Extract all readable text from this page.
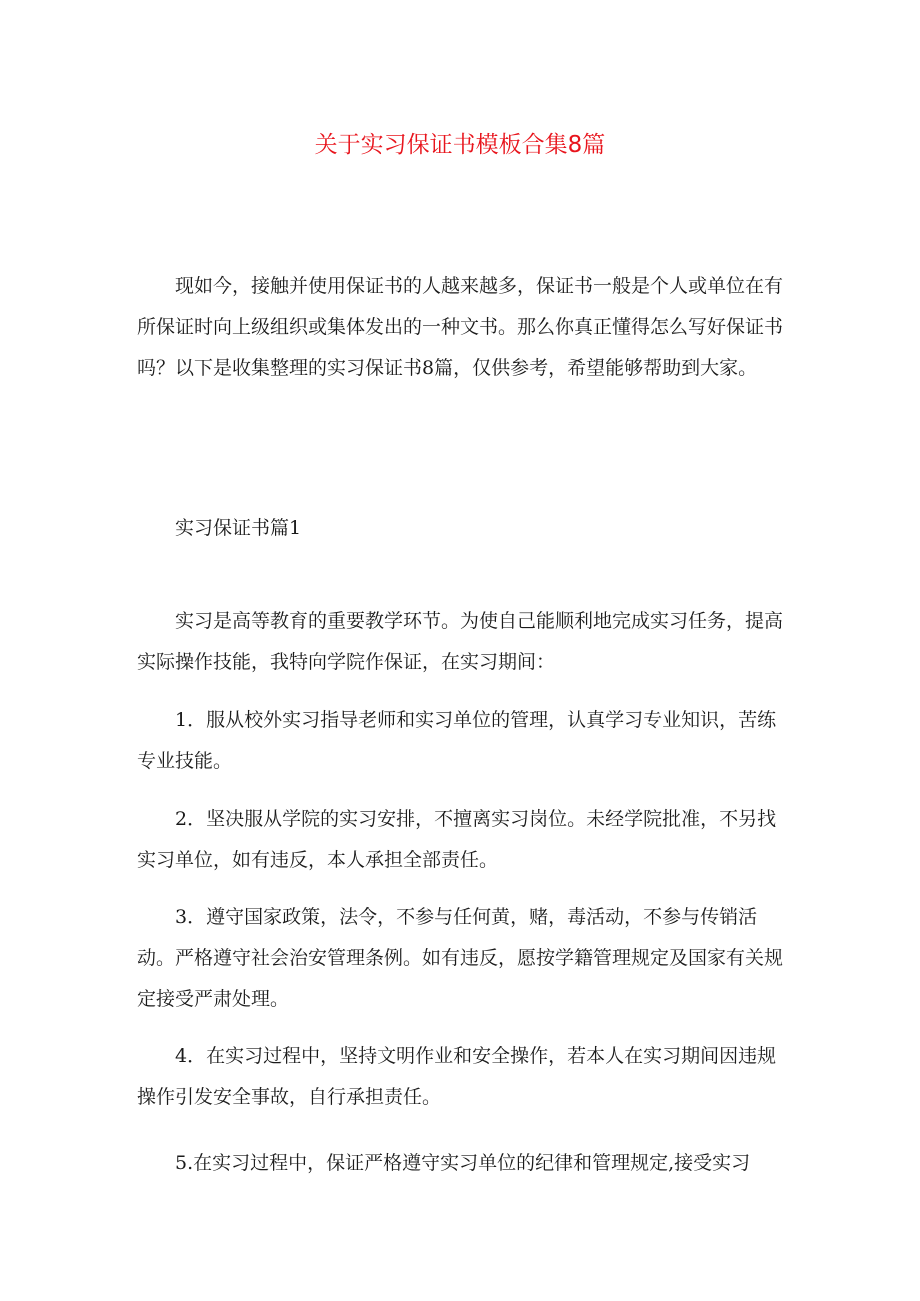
关于实习保证书模板合集8篇

现如今，接触并使用保证书的人越来越多，保证书一般是个人或单位在有所保证时向上级组织或集体发出的一种文书。那么你真正懂得怎么写好保证书吗？以下是收集整理的实习保证书8篇，仅供参考，希望能够帮助到大家。

实习保证书篇1

实习是高等教育的重要教学环节。为使自己能顺利地完成实习任务，提高实际操作技能，我特向学院作保证，在实习期间：

1．服从校外实习指导老师和实习单位的管理，认真学习专业知识，苦练专业技能。

2．坚决服从学院的实习安排，不擅离实习岗位。未经学院批准，不另找实习单位，如有违反，本人承担全部责任。

3．遵守国家政策，法令，不参与任何黄，赌，毒活动，不参与传销活动。严格遵守社会治安管理条例。如有违反，愿按学籍管理规定及国家有关规定接受严肃处理。

4．在实习过程中，坚持文明作业和安全操作，若本人在实习期间因违规操作引发安全事故，自行承担责任。

5.在实习过程中，保证严格遵守实习单位的纪律和管理规定,接受实习
